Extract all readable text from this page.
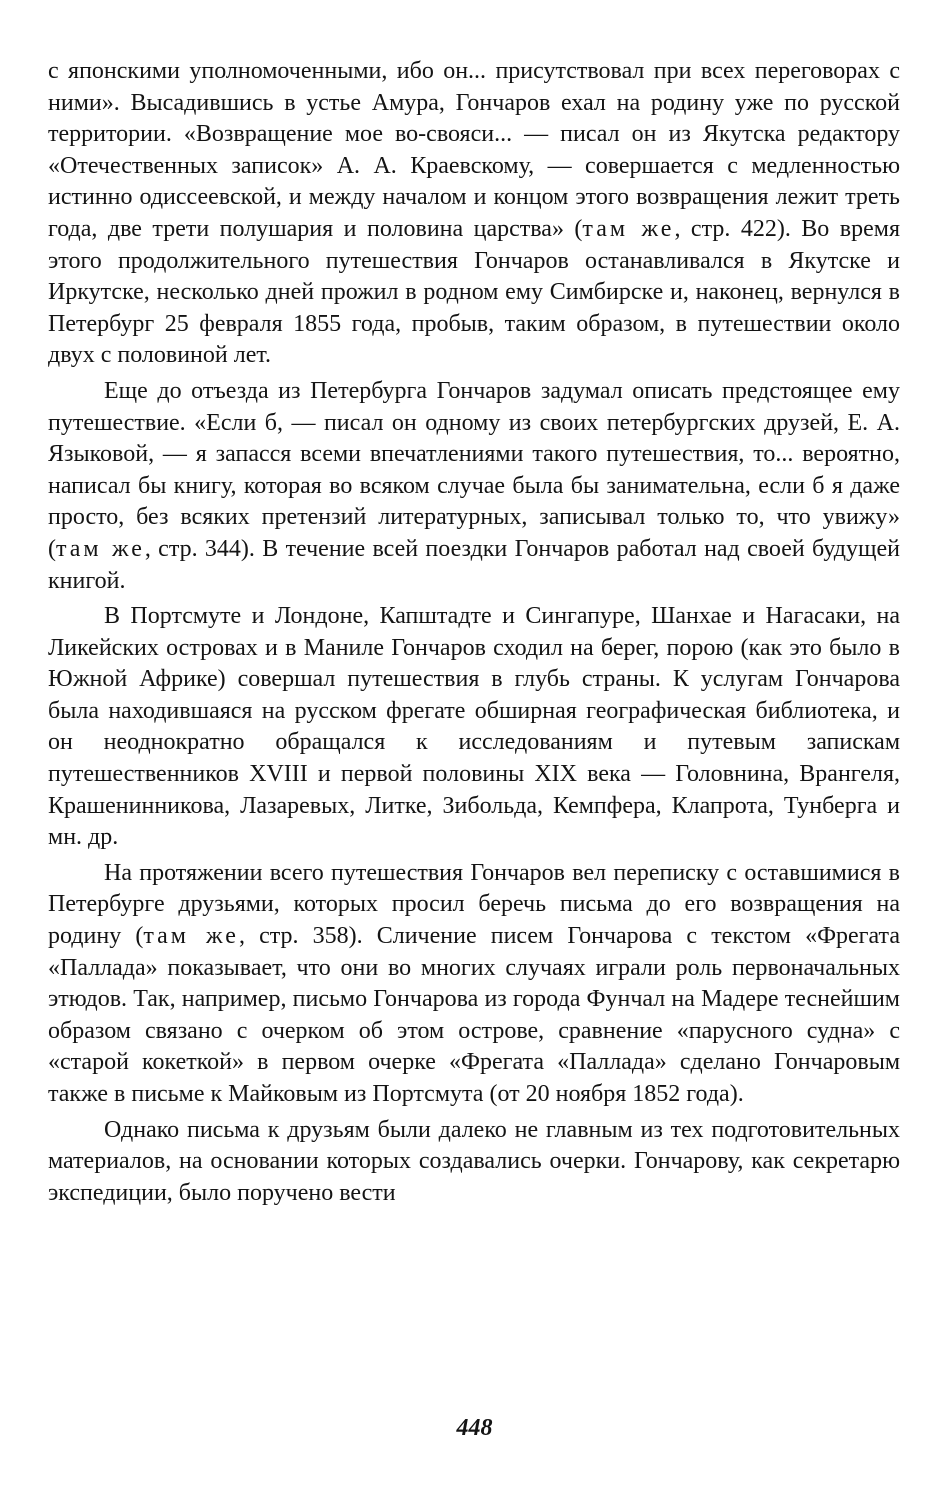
с японскими уполномоченными, ибо он... присутствовал при всех переговорах с ними». Высадившись в устье Амура, Гончаров ехал на родину уже по русской территории. «Возвращение мое во-свояси... — писал он из Якутска редактору «Отечественных записок» А. А. Краевскому, — совершается с медленностью истинно одиссеевской, и между началом и концом этого возвращения лежит треть года, две трети полушария и половина царства» (там же, стр. 422). Во время этого продолжительного путешествия Гончаров останавливался в Якутске и Иркутске, несколько дней прожил в родном ему Симбирске и, наконец, вернулся в Петербург 25 февраля 1855 года, пробыв, таким образом, в путешествии около двух с половиной лет.

Еще до отъезда из Петербурга Гончаров задумал описать предстоящее ему путешествие. «Если б, — писал он одному из своих петербургских друзей, Е. А. Языковой, — я запасся всеми впечатлениями такого путешествия, то... вероятно, написал бы книгу, которая во всяком случае была бы занимательна, если б я даже просто, без всяких претензий литературных, записывал только то, что увижу» (там же, стр. 344). В течение всей поездки Гончаров работал над своей будущей книгой.

В Портсмуте и Лондоне, Капштадте и Сингапуре, Шанхае и Нагасаки, на Ликейских островах и в Маниле Гончаров сходил на берег, порою (как это было в Южной Африке) совершал путешествия в глубь страны. К услугам Гончарова была находившаяся на русском фрегате обширная географическая библиотека, и он неоднократно обращался к исследованиям и путевым запискам путешественников XVIII и первой половины XIX века — Головнина, Врангеля, Крашенинникова, Лазаревых, Литке, Зибольда, Кемпфера, Клапрота, Тунберга и мн. др.

На протяжении всего путешествия Гончаров вел переписку с оставшимися в Петербурге друзьями, которых просил беречь письма до его возвращения на родину (там же, стр. 358). Сличение писем Гончарова с текстом «Фрегата «Паллада» показывает, что они во многих случаях играли роль первоначальных этюдов. Так, например, письмо Гончарова из города Фунчал на Мадере теснейшим образом связано с очерком об этом острове, сравнение «парусного судна» с «старой кокеткой» в первом очерке «Фрегата «Паллада» сделано Гончаровым также в письме к Майковым из Портсмута (от 20 ноября 1852 года).

Однако письма к друзьям были далеко не главным из тех подготовительных материалов, на основании которых создавались очерки. Гончарову, как секретарю экспедиции, было поручено вести

448
